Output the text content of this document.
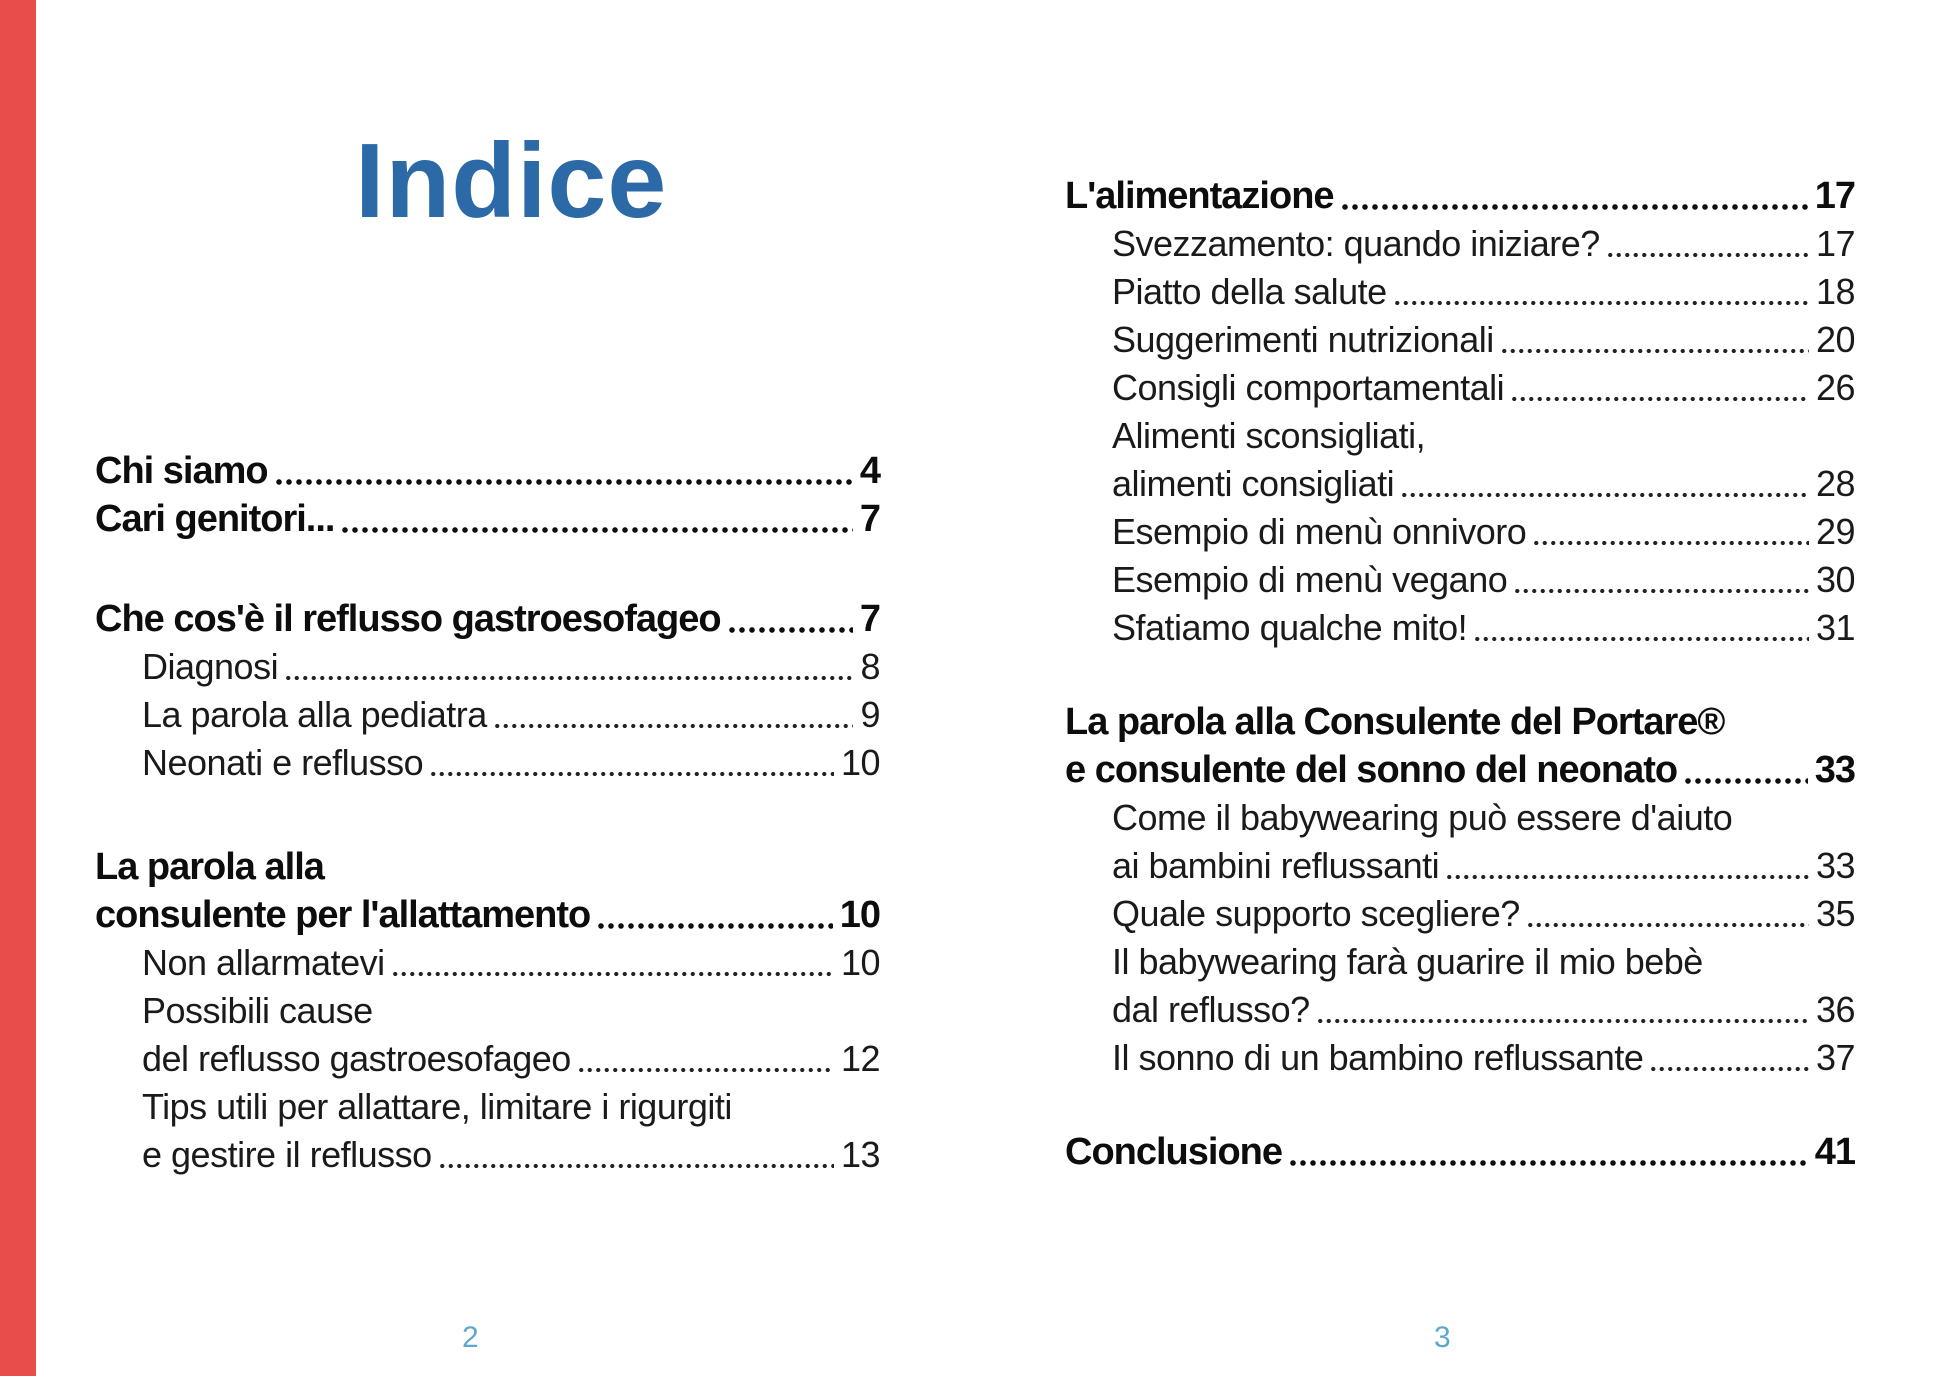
Indice
Chi siamo	4
Cari genitori...	7
Che cos'è il reflusso gastroesofageo	7
Diagnosi	8
La parola alla pediatra	9
Neonati e reflusso	10
La parola alla
consulente per l'allattamento	10
Non allarmatevi	10
Possibili cause
del reflusso gastroesofageo	12
Tips utili per allattare, limitare i rigurgiti
e gestire il reflusso	13
L'alimentazione	17
Svezzamento: quando iniziare?	17
Piatto della salute	18
Suggerimenti nutrizionali	20
Consigli comportamentali	26
Alimenti sconsigliati,
alimenti consigliati	28
Esempio di menù onnivoro	29
Esempio di menù vegano	30
Sfatiamo qualche mito!	31
La parola alla Consulente del Portare®
e consulente del sonno del neonato	33
Come il babywearing può essere d'aiuto
ai bambini reflussanti	33
Quale supporto scegliere?	35
Il babywearing farà guarire il mio bebè
dal reflusso?	36
Il sonno di un bambino reflussante	37
Conclusione	41
2	3
